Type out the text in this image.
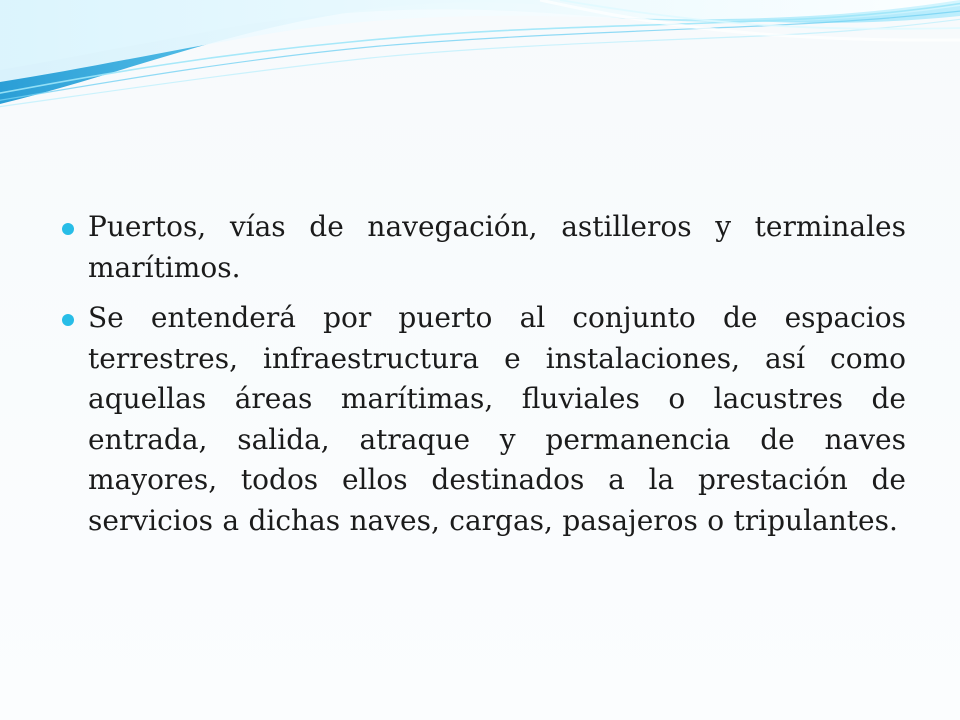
Puertos, vías de navegación, astilleros y terminales marítimos.
Se entenderá por puerto al conjunto de espacios terrestres, infraestructura e instalaciones, así como aquellas áreas marítimas, fluviales o lacustres de entrada, salida, atraque y permanencia de naves mayores, todos ellos destinados a la prestación de servicios a dichas naves, cargas, pasajeros o tripulantes.
